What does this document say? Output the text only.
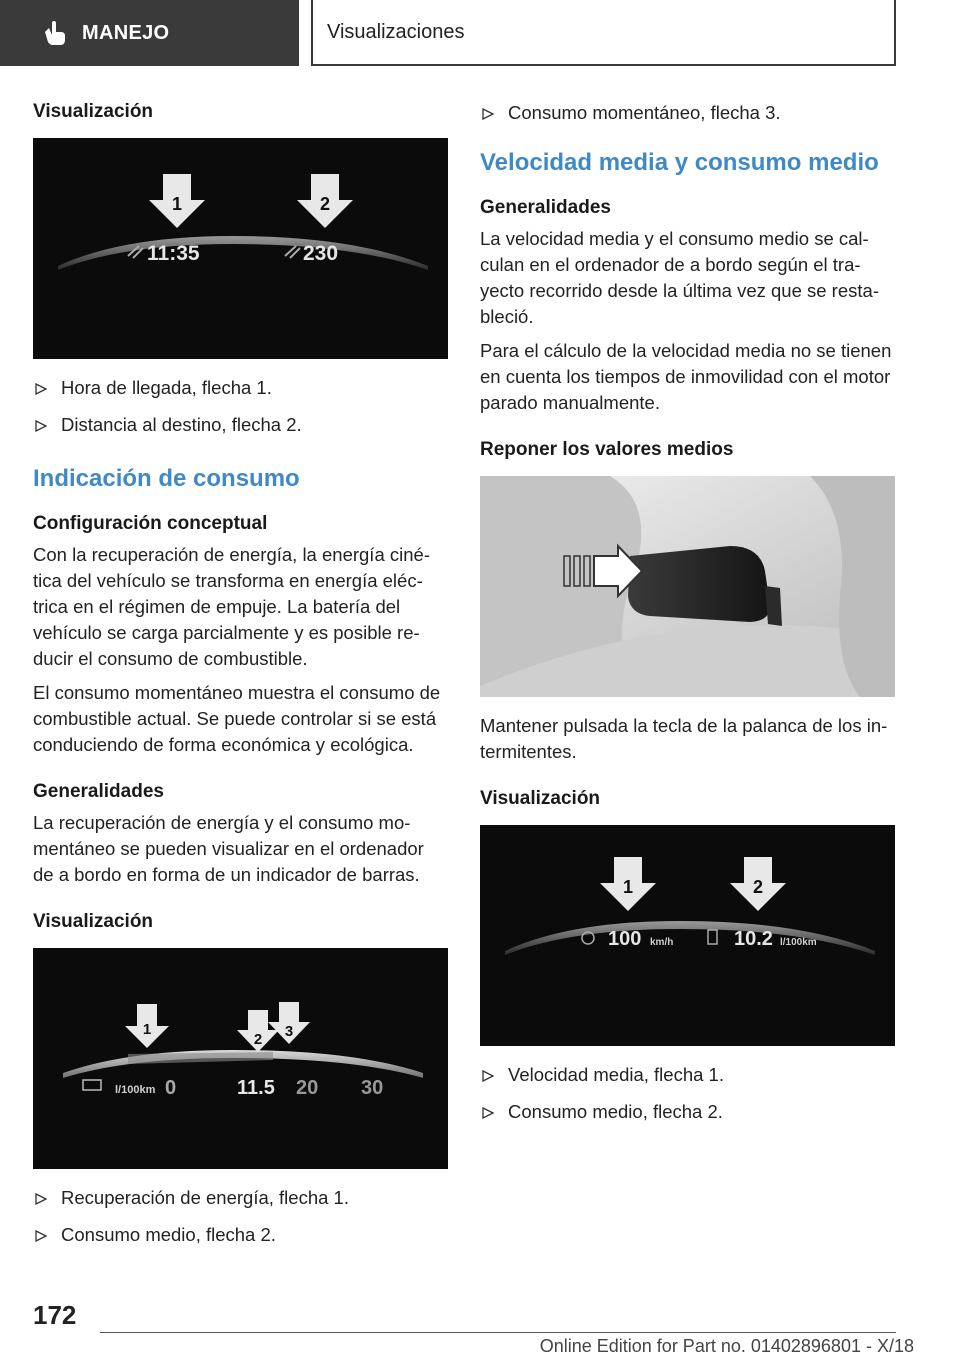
MANEJO	Visualizaciones
Visualización
1	2
11:35	230
Hora de llegada, flecha 1.
Distancia al destino, flecha 2.
Indicación de consumo
Configuración conceptual

Con la recuperación de energía, la energía cinética del vehículo se transforma en energía eléctrica en el régimen de empuje. La batería del vehículo se carga parcialmente y es posible reducir el consumo de combustible.

El consumo momentáneo muestra el consumo de combustible actual. Se puede controlar si se está conduciendo de forma económica y ecológica.

Generalidades

La recuperación de energía y el consumo momentáneo se pueden visualizar en el ordenador de a bordo en forma de un indicador de barras.

Visualización
1
2 3
l/100km 0	11.5 20 30
Recuperación de energía, flecha 1.
Consumo medio, flecha 2.
Consumo momentáneo, flecha 3.
Velocidad media y consumo medio
Generalidades

La velocidad media y el consumo medio se calculan en el ordenador de a bordo según el trayecto recorrido desde la última vez que se restableció.

Para el cálculo de la velocidad media no se tienen en cuenta los tiempos de inmovilidad con el motor parado manualmente.

Reponer los valores medios

Mantener pulsada la tecla de la palanca de los intermitentes.

Visualización
1	2
100 km/h	10.2 l/100km
Velocidad media, flecha 1.
Consumo medio, flecha 2.
172
Online Edition for Part no. 01402896801 - X/18
